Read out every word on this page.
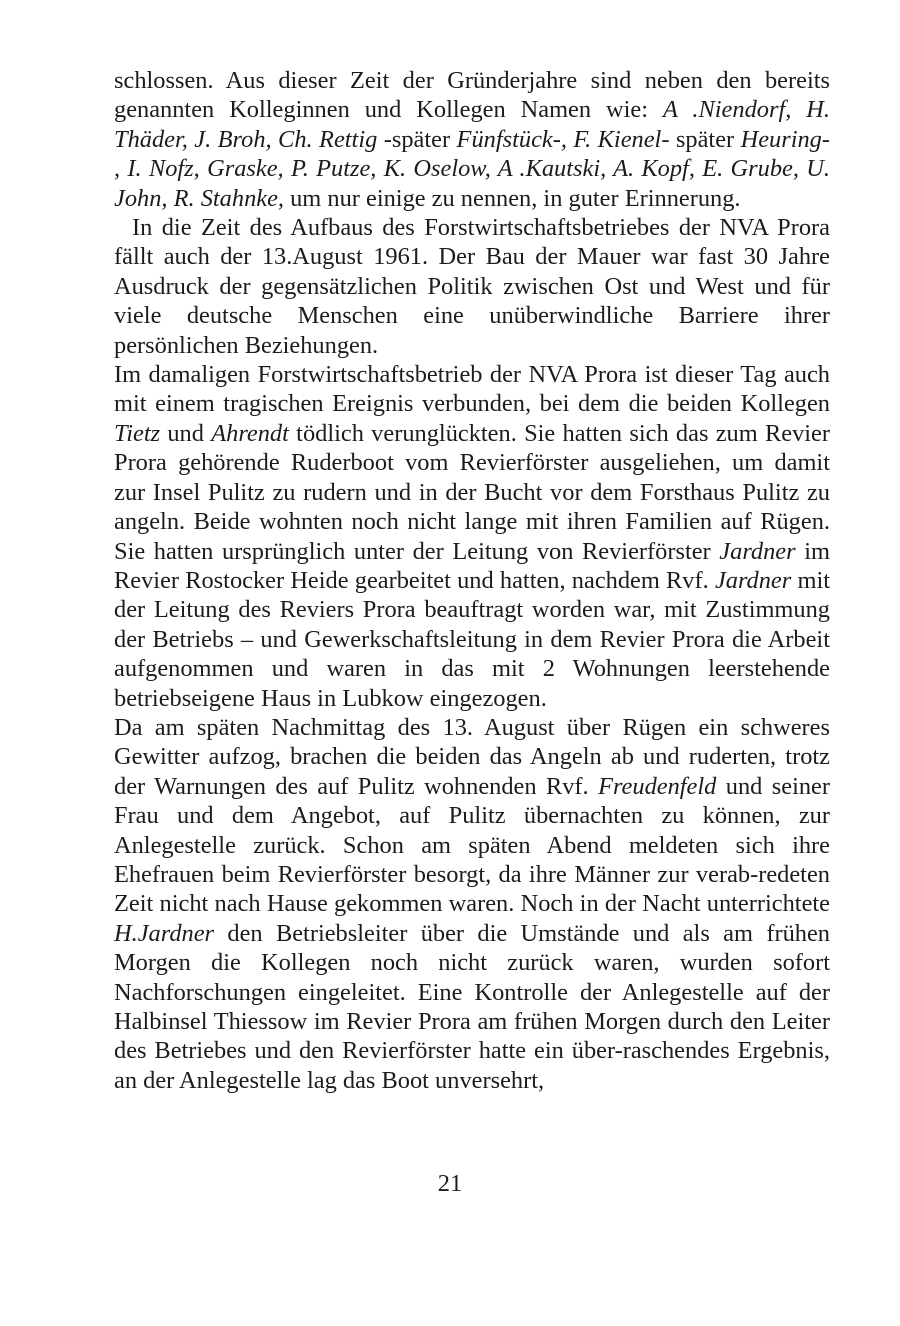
schlossen. Aus dieser Zeit der Gründerjahre sind neben den bereits genannten Kolleginnen und Kollegen Namen wie: A .Niendorf, H. Thäder, J. Broh, Ch. Rettig -später Fünfstück-, F. Kienel- später Heuring- , I. Nofz, Graske, P. Putze, K. Oselow, A .Kautski, A. Kopf, E. Grube, U. John, R. Stahnke, um nur einige zu nennen, in guter Erinnerung.

In die Zeit des Aufbaus des Forstwirtschaftsbetriebes der NVA Prora fällt auch der 13.August 1961. Der Bau der Mauer war fast 30 Jahre Ausdruck der gegensätzlichen Politik zwischen Ost und West und für viele deutsche Menschen eine unüberwindliche Barriere ihrer persönlichen Beziehungen.

Im damaligen Forstwirtschaftsbetrieb der NVA Prora ist dieser Tag auch mit einem tragischen Ereignis verbunden, bei dem die beiden Kollegen Tietz und Ahrendt tödlich verunglückten. Sie hatten sich das zum Revier Prora gehörende Ruderboot vom Revierförster ausgeliehen, um damit zur Insel Pulitz zu rudern und in der Bucht vor dem Forsthaus Pulitz zu angeln. Beide wohnten noch nicht lange mit ihren Familien auf Rügen. Sie hatten ursprünglich unter der Leitung von Revierförster Jardner im Revier Rostocker Heide gearbeitet und hatten, nachdem Rvf. Jardner mit der Leitung des Reviers Prora beauftragt worden war, mit Zustimmung der Betriebs – und Gewerkschaftsleitung in dem Revier Prora die Arbeit aufgenommen und waren in das mit 2 Wohnungen leerstehende betriebseigene Haus in Lubkow eingezogen.

Da am späten Nachmittag des 13. August über Rügen ein schweres Gewitter aufzog, brachen die beiden das Angeln ab und ruderten, trotz der Warnungen des auf Pulitz wohnenden Rvf. Freudenfeld und seiner Frau und dem Angebot, auf Pulitz übernachten zu können, zur Anlegestelle zurück. Schon am späten Abend meldeten sich ihre Ehefrauen beim Revierförster besorgt, da ihre Männer zur verab-redeten Zeit nicht nach Hause gekommen waren. Noch in der Nacht unterrichtete H.Jardner den Betriebsleiter über die Umstände und als am frühen Morgen die Kollegen noch nicht zurück waren, wurden sofort Nachforschungen eingeleitet. Eine Kontrolle der Anlegestelle auf der Halbinsel Thiessow im Revier Prora am frühen Morgen durch den Leiter des Betriebes und den Revierförster hatte ein über-raschendes Ergebnis, an der Anlegestelle lag das Boot unversehrt,

21
